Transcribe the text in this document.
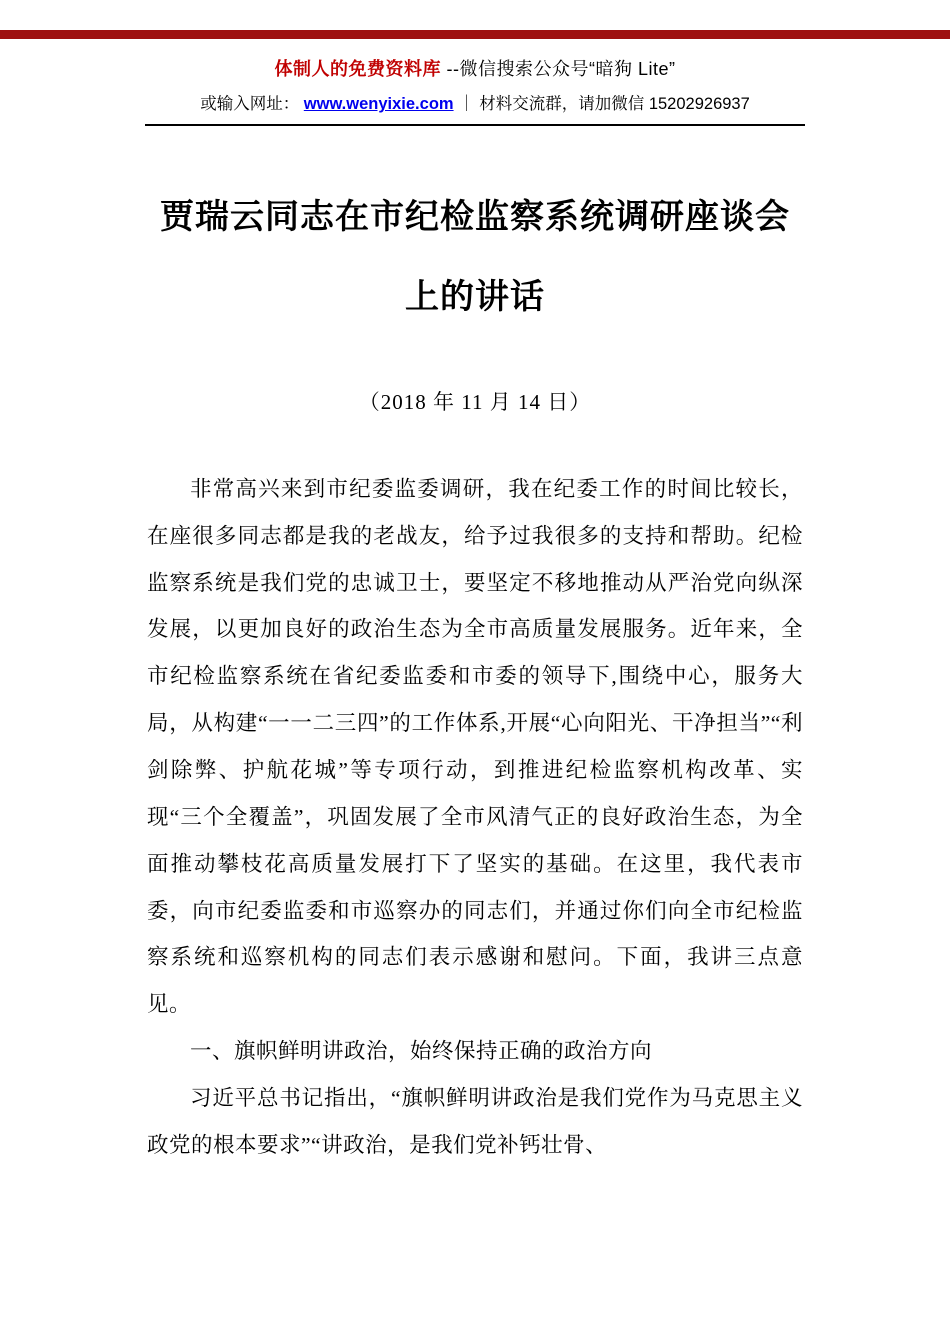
体制人的免费资料库 --微信搜索公众号“暗狗 Lite”
或输入网址： www.wenyixie.com ｜ 材料交流群，请加微信 15202926937
贾瑞云同志在市纪检监察系统调研座谈会
上的讲话
（2018 年 11 月 14 日）

非常高兴来到市纪委监委调研，我在纪委工作的时间比较长，在座很多同志都是我的老战友，给予过我很多的支持和帮助。纪检监察系统是我们党的忠诚卫士，要坚定不移地推动从严治党向纵深发展，以更加良好的政治生态为全市高质量发展服务。近年来，全市纪检监察系统在省纪委监委和市委的领导下,围绕中心，服务大局，从构建“一一二三四”的工作体系,开展“心向阳光、干净担当”“利剑除弊、护航花城”等专项行动，到推进纪检监察机构改革、实现“三个全覆盖”，巩固发展了全市风清气正的良好政治生态，为全面推动攀枝花高质量发展打下了坚实的基础。在这里，我代表市委，向市纪委监委和市巡察办的同志们，并通过你们向全市纪检监察系统和巡察机构的同志们表示感谢和慰问。下面，我讲三点意见。

一、旗帜鲜明讲政治，始终保持正确的政治方向

习近平总书记指出，“旗帜鲜明讲政治是我们党作为马克思主义政党的根本要求”“讲政治，是我们党补钙壮骨、
